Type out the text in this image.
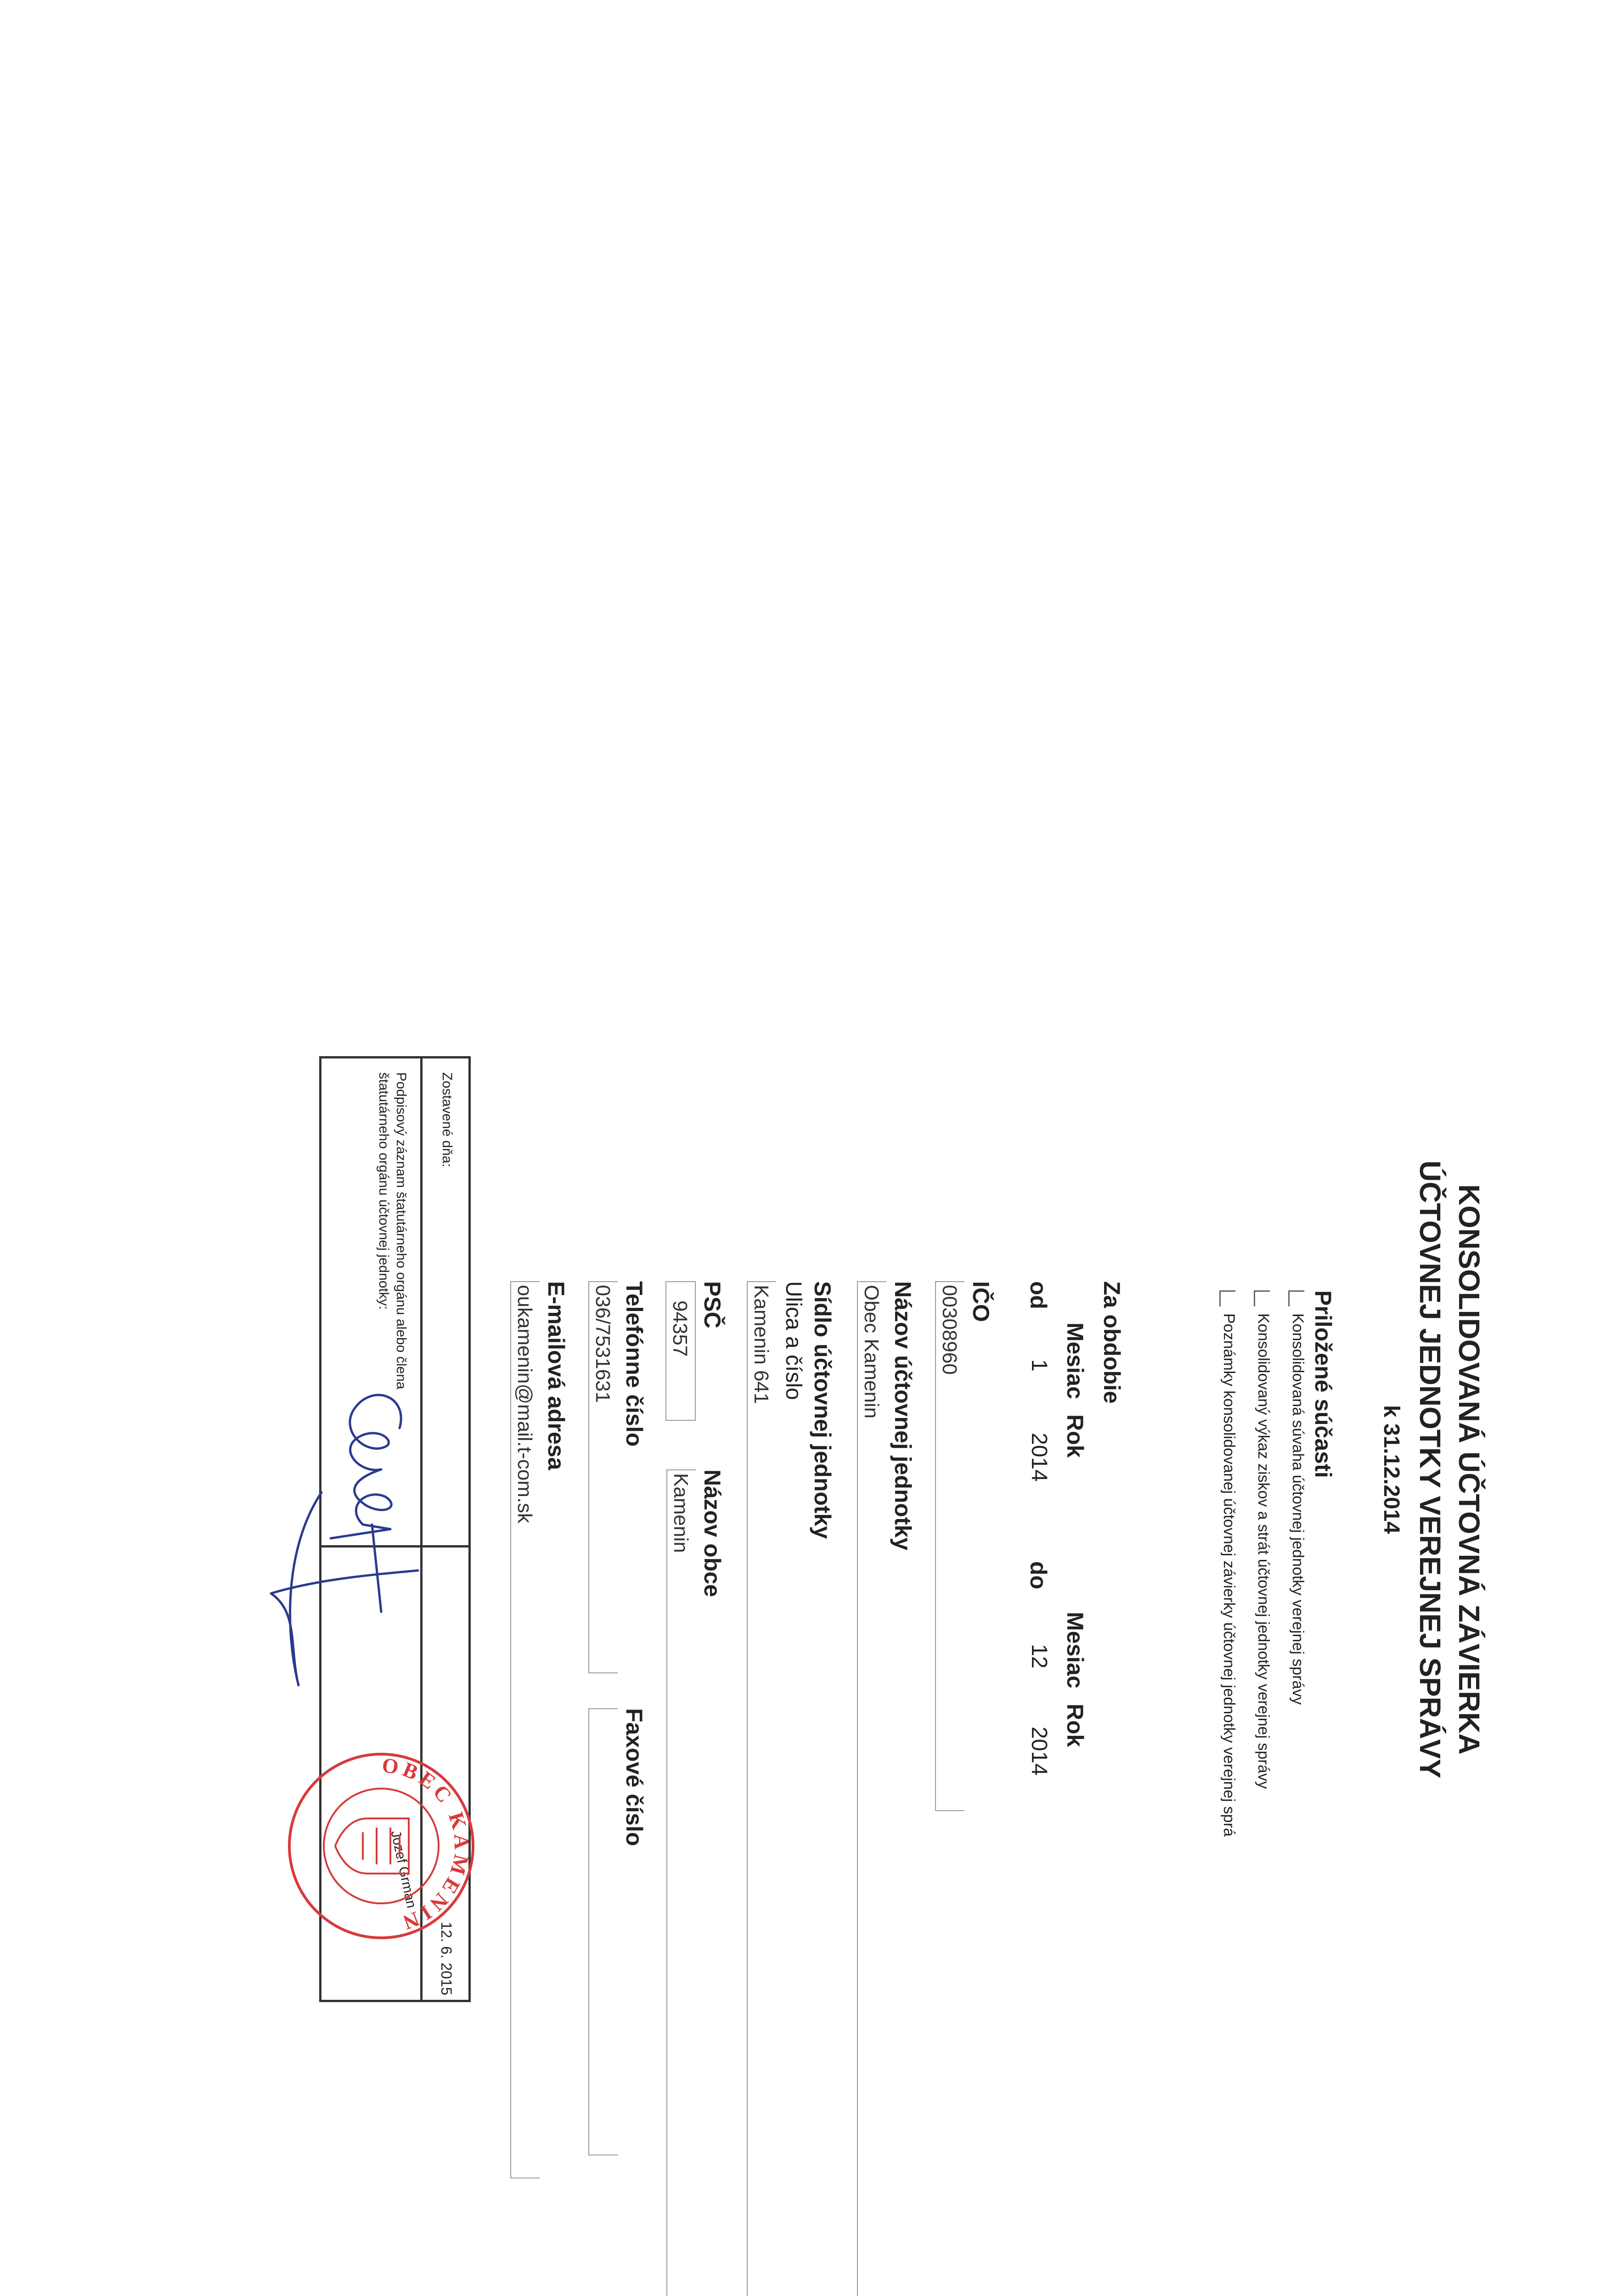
KONSOLIDOVANÁ ÚČTOVNÁ ZÁVIERKA
ÚČTOVNEJ JEDNOTKY VEREJNEJ SPRÁVY
k 31.12.2014
Priložené súčasti
Konsolidovaná súvaha účtovnej jednotky verejnej správy
Konsolidovaný výkaz ziskov a strát účtovnej jednotky verejnej správy
Poznámky konsolidovanej účtovnej závierky účtovnej jednotky verejnej sprá
Za obdobie
Mesiac
Rok
Mesiac
Rok
od
1
2014
do
12
2014
IČO
00308960
Názov účtovnej jednotky
Obec Kamenin
Sídlo účtovnej jednotky
Ulica a číslo
Kamenin 641
PSČ
Názov obce
94357
Kamenin
Telefónne číslo
Faxové číslo
036/7531631
E-mailová adresa
oukamenin@mail.t-com.sk
Zostavené dňa:
12. 6. 2015
Podpisový záznam štatutárneho orgánu alebo člena
štatutárneho orgánu účtovnej jednotky:
Jozef Grman
OBEC KAMENIN
